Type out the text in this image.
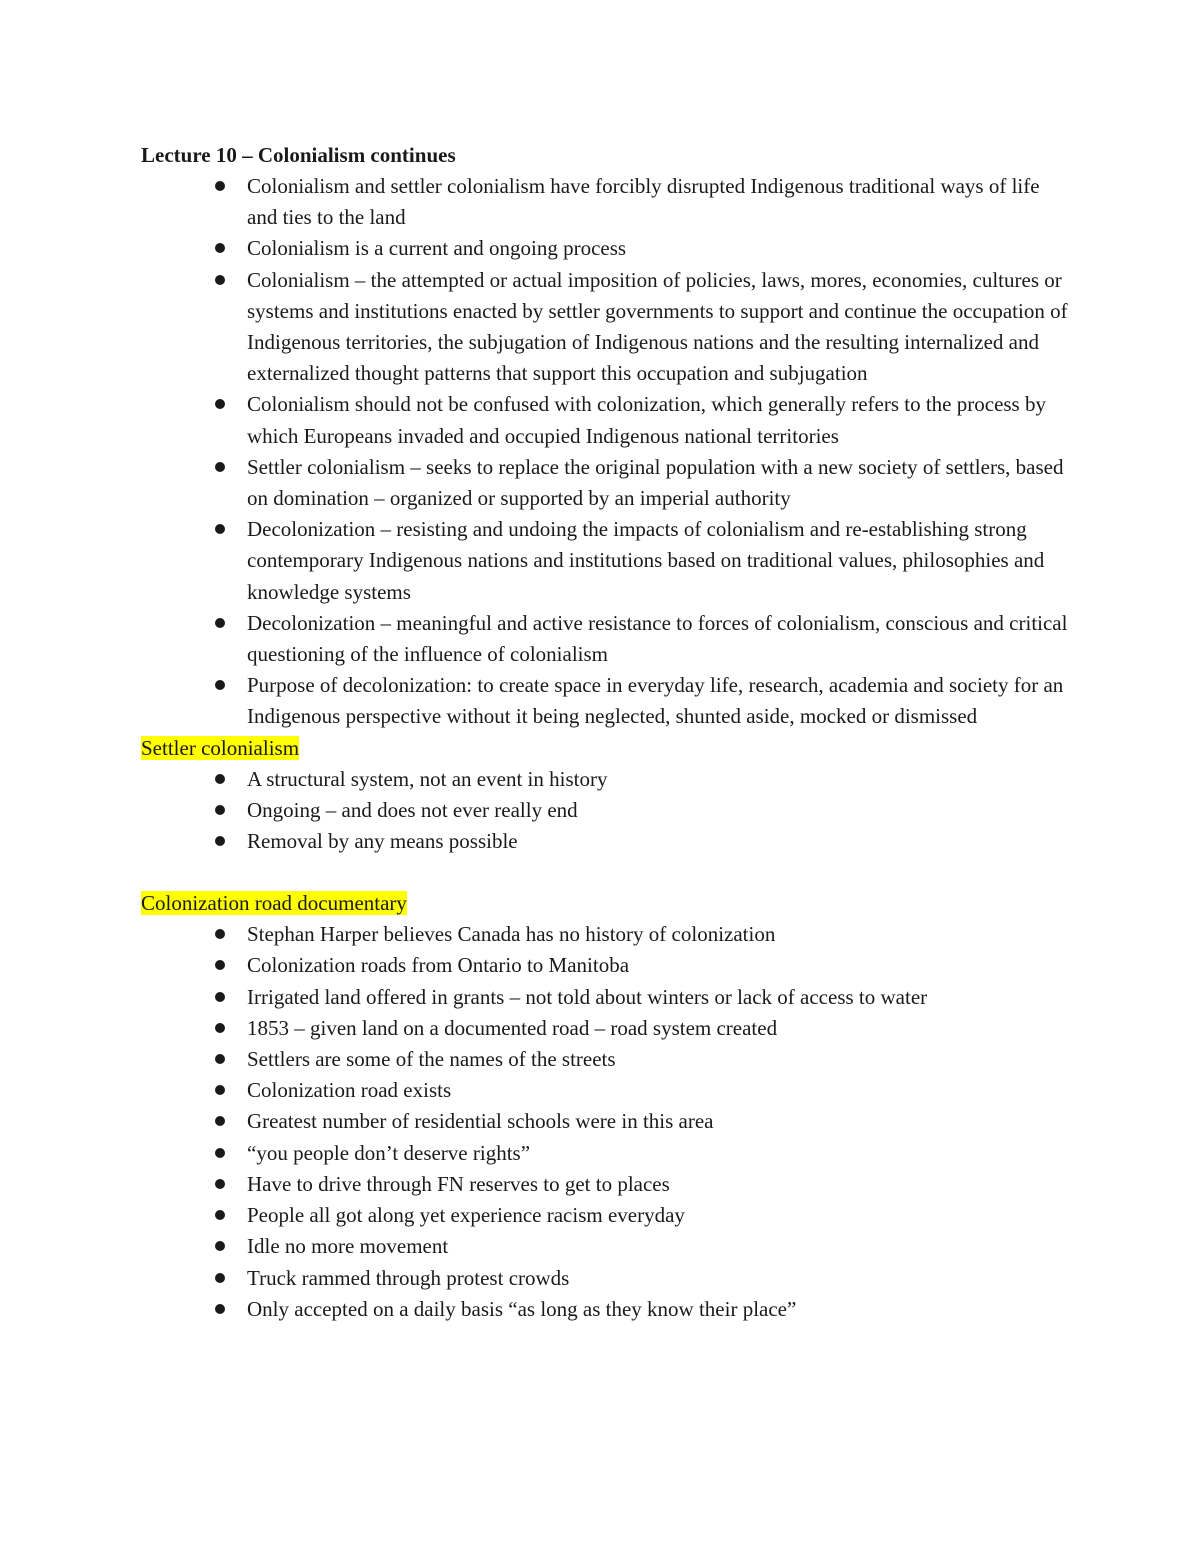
Lecture 10 – Colonialism continues

Colonialism and settler colonialism have forcibly disrupted Indigenous traditional ways of life and ties to the land
Colonialism is a current and ongoing process
Colonialism – the attempted or actual imposition of policies, laws, mores, economies, cultures or systems and institutions enacted by settler governments to support and continue the occupation of Indigenous territories, the subjugation of Indigenous nations and the resulting internalized and externalized thought patterns that support this occupation and subjugation
Colonialism should not be confused with colonization, which generally refers to the process by which Europeans invaded and occupied Indigenous national territories
Settler colonialism – seeks to replace the original population with a new society of settlers, based on domination – organized or supported by an imperial authority
Decolonization – resisting and undoing the impacts of colonialism and re-establishing strong contemporary Indigenous nations and institutions based on traditional values, philosophies and knowledge systems
Decolonization – meaningful and active resistance to forces of colonialism, conscious and critical questioning of the influence of colonialism
Purpose of decolonization: to create space in everyday life, research, academia and society for an Indigenous perspective without it being neglected, shunted aside, mocked or dismissed

Settler colonialism

A structural system, not an event in history
Ongoing – and does not ever really end
Removal by any means possible

Colonization road documentary

Stephan Harper believes Canada has no history of colonization
Colonization roads from Ontario to Manitoba
Irrigated land offered in grants – not told about winters or lack of access to water
1853 – given land on a documented road – road system created
Settlers are some of the names of the streets
Colonization road exists
Greatest number of residential schools were in this area
“you people don’t deserve rights”
Have to drive through FN reserves to get to places
People all got along yet experience racism everyday
Idle no more movement
Truck rammed through protest crowds
Only accepted on a daily basis “as long as they know their place”
